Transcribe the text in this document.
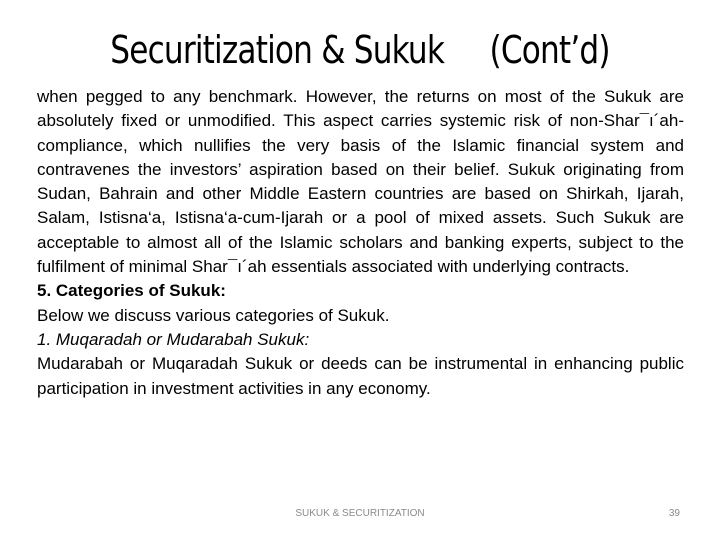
Securitization & Sukuk     (Cont’d)

when pegged to any benchmark. However, the returns on most of the Sukuk are absolutely fixed or unmodified. This aspect carries systemic risk of non-Shar¯ı´ah-compliance, which nullifies the very basis of the Islamic financial system and contravenes the investors’ aspiration based on their belief. Sukuk originating from Sudan, Bahrain and other Middle Eastern countries are based on Shirkah, Ijarah, Salam, Istisna‘a, Istisna‘a-cum-Ijarah or a pool of mixed assets. Such Sukuk are acceptable to almost all of the Islamic scholars and banking experts, subject to the fulfilment of minimal Shar¯ı´ah essentials associated with underlying contracts.

5. Categories of Sukuk:

Below we discuss various categories of Sukuk.

1. Muqaradah or Mudarabah Sukuk:

Mudarabah or Muqaradah Sukuk or deeds can be instrumental in enhancing public participation in investment activities in any economy.

SUKUK & SECURITIZATION	39
